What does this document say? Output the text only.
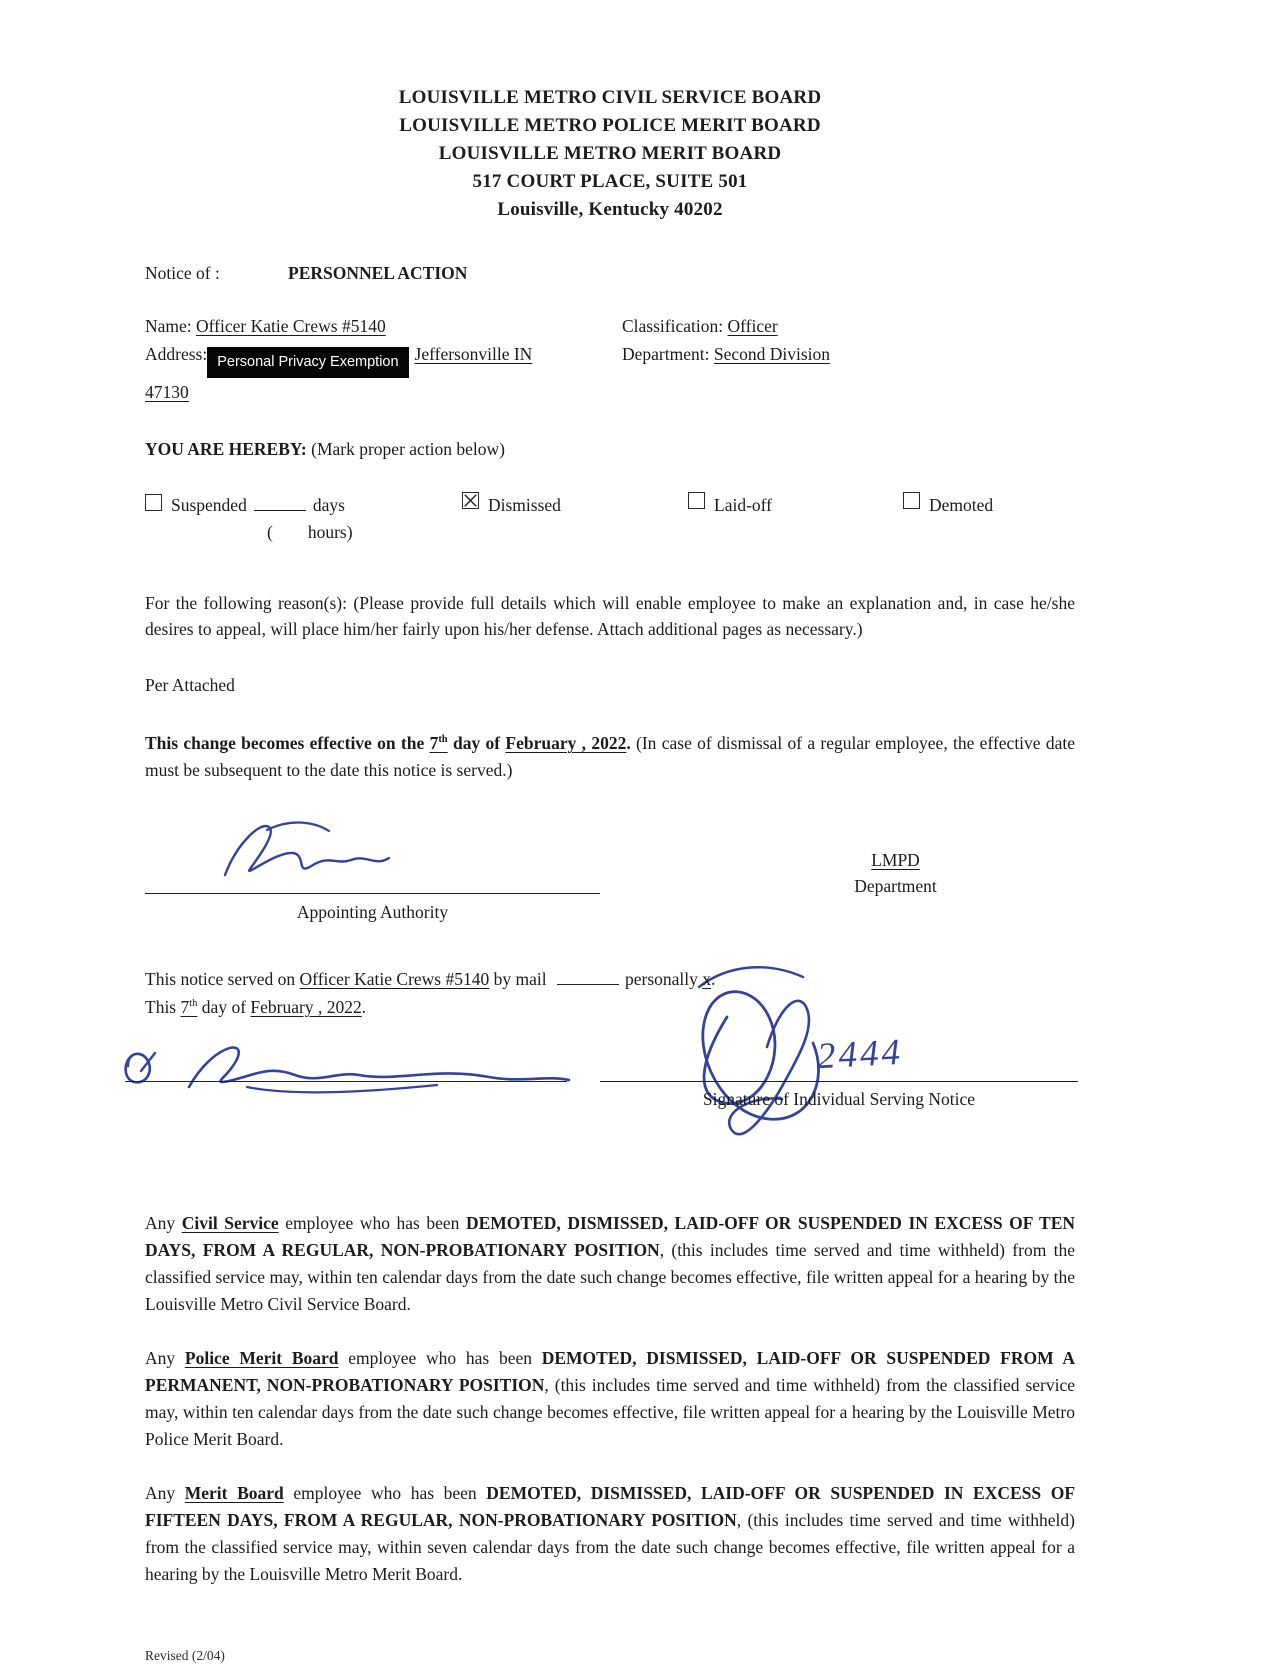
LOUISVILLE METRO CIVIL SERVICE BOARD
LOUISVILLE METRO POLICE MERIT BOARD
LOUISVILLE METRO MERIT BOARD
517 COURT PLACE, SUITE 501
Louisville, Kentucky 40202
Notice of :	PERSONNEL ACTION
Name: Officer Katie Crews #5140	Classification: Officer
Address: Personal Privacy Exemption Jeffersonville IN	Department: Second Division
47130
YOU ARE HEREBY: (Mark proper action below)
Suspended	days
(        hours)
Dismissed	Laid-off	Demoted

For the following reason(s): (Please provide full details which will enable employee to make an explanation and, in case he/she desires to appeal, will place him/her fairly upon his/her defense. Attach additional pages as necessary.)

Per Attached

This change becomes effective on the 7th day of February , 2022. (In case of dismissal of a regular employee, the effective date must be subsequent to the date this notice is served.)

Appointing Authority
LMPD
Department
This notice served on Officer Katie Crews #5140 by mail	personally x.
This 7th day of February , 2022.
2444
Signature of Individual Serving Notice

Any Civil Service employee who has been DEMOTED, DISMISSED, LAID-OFF OR SUSPENDED IN EXCESS OF TEN DAYS, FROM A REGULAR, NON-PROBATIONARY POSITION, (this includes time served and time withheld) from the classified service may, within ten calendar days from the date such change becomes effective, file written appeal for a hearing by the Louisville Metro Civil Service Board.

Any Police Merit Board employee who has been DEMOTED, DISMISSED, LAID-OFF OR SUSPENDED FROM A PERMANENT, NON-PROBATIONARY POSITION, (this includes time served and time withheld) from the classified service may, within ten calendar days from the date such change becomes effective, file written appeal for a hearing by the Louisville Metro Police Merit Board.

Any Merit Board employee who has been DEMOTED, DISMISSED, LAID-OFF OR SUSPENDED IN EXCESS OF FIFTEEN DAYS, FROM A REGULAR, NON-PROBATIONARY POSITION, (this includes time served and time withheld) from the classified service may, within seven calendar days from the date such change becomes effective, file written appeal for a hearing by the Louisville Metro Merit Board.

Revised (2/04)
